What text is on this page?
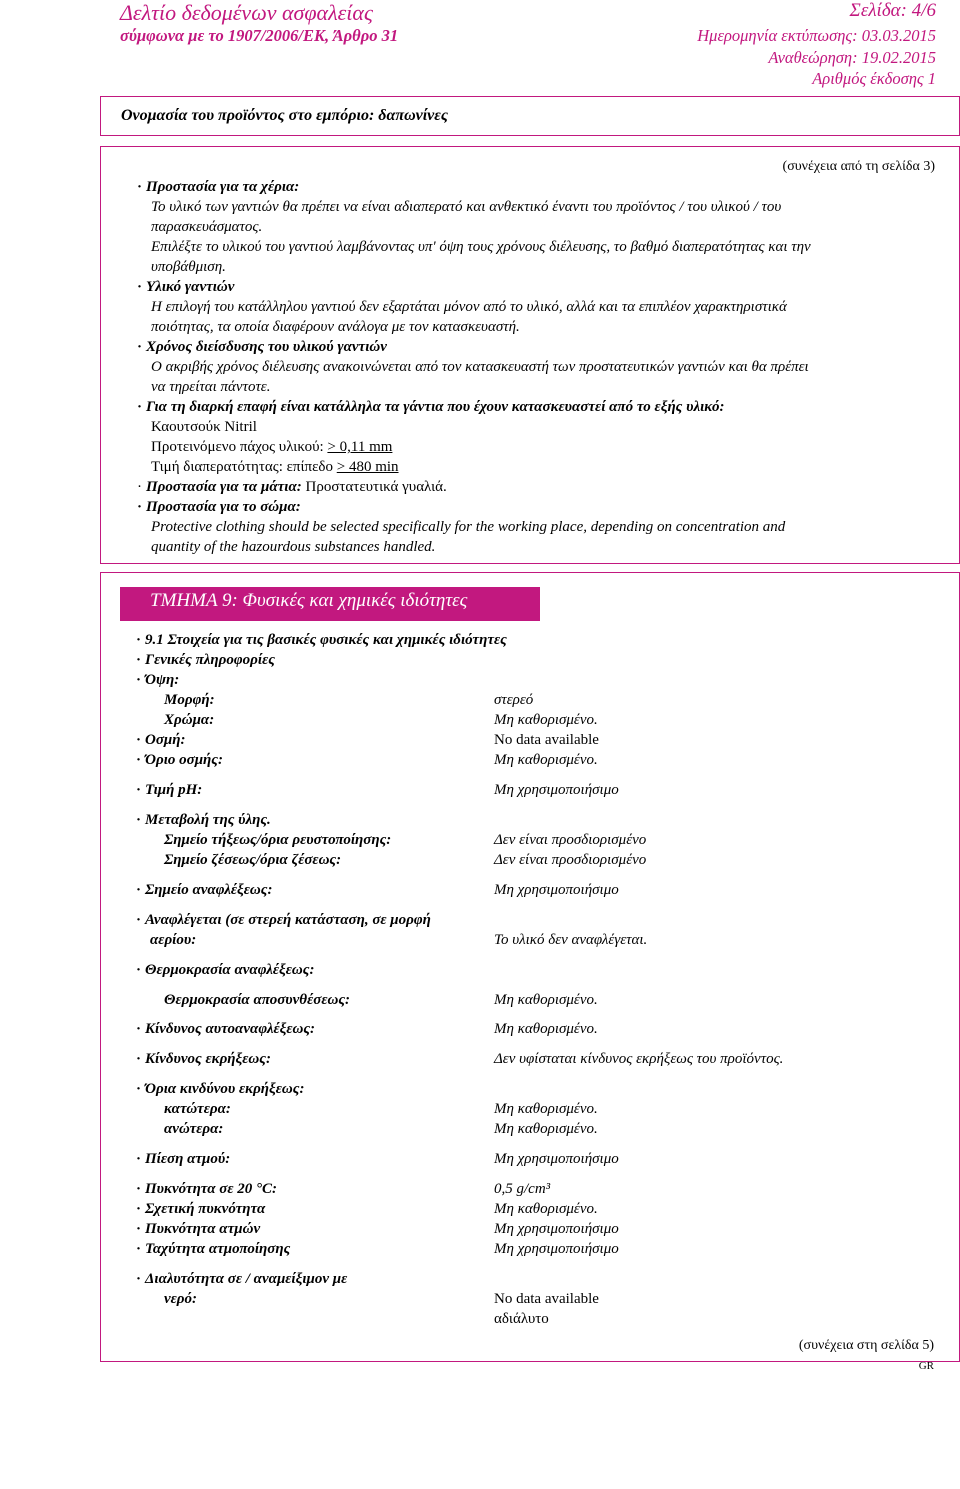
Δελτίο δεδομένων ασφαλείας
σύμφωνα με το 1907/2006/ΕΚ, Άρθρο 31
Σελίδα: 4/6
Ημερομηνία εκτύπωσης: 03.03.2015
Αναθεώρηση: 19.02.2015
Αριθμός έκδοσης 1
Ονομασία του προϊόντος στο εμπόριο: δαπωνίνες
(συνέχεια από τη σελίδα 3)
· Προστασία για τα χέρια:
Το υλικό των γαντιών θα πρέπει να είναι αδιαπερατό και ανθεκτικό έναντι του προϊόντος / του υλικού / του
παρασκευάσματος.
Επιλέξτε το υλικού του γαντιού λαμβάνοντας υπ' όψη τους χρόνους διέλευσης, το βαθμό διαπερατότητας και την
υποβάθμιση.
· Υλικό γαντιών
Η επιλογή του κατάλληλου γαντιού δεν εξαρτάται μόνον από το υλικό, αλλά και τα επιπλέον χαρακτηριστικά
ποιότητας, τα οποία διαφέρουν ανάλογα με τον κατασκευαστή.
· Χρόνος διείσδυσης του υλικού γαντιών
Ο ακριβής χρόνος διέλευσης ανακοινώνεται από τον κατασκευαστή των προστατευτικών γαντιών και θα πρέπει
να τηρείται πάντοτε.
· Για τη διαρκή επαφή είναι κατάλληλα τα γάντια που έχουν κατασκευαστεί από το εξής υλικό:
Καουτσούκ Nitril
Προτεινόμενο πάχος υλικού: > 0,11 mm
Τιμή διαπερατότητας: επίπεδο > 480 min
· Προστασία για τα μάτια: Προστατευτικά γυαλιά.
· Προστασία για το σώμα:
Protective clothing should be selected specifically for the working place, depending on concentration and
quantity of the hazourdous substances handled.
ΤΜΗΜΑ 9: Φυσικές και χημικές ιδιότητες
· 9.1 Στοιχεία για τις βασικές φυσικές και χημικές ιδιότητες
· Γενικές πληροφορίες
· Όψη:
Μορφή:	στερεό
Χρώμα:	Μη καθορισμένο.
· Οσμή:	No data available
· Όριο οσμής:	Μη καθορισμένο.
· Τιμή pH:	Μη χρησιμοποιήσιμο
· Μεταβολή της ύλης.
Σημείο τήξεως/όρια ρευστοποίησης:	Δεν είναι προσδιορισμένο
Σημείο ζέσεως/όρια ζέσεως:	Δεν είναι προσδιορισμένο
· Σημείο αναφλέξεως:	Μη χρησιμοποιήσιμο
· Αναφλέγεται (σε στερεή κατάσταση, σε μορφή
αερίου:	Το υλικό δεν αναφλέγεται.
· Θερμοκρασία αναφλέξεως:
Θερμοκρασία αποσυνθέσεως:	Μη καθορισμένο.
· Κίνδυνος αυτοαναφλέξεως:	Μη καθορισμένο.
· Κίνδυνος εκρήξεως:	Δεν υφίσταται κίνδυνος εκρήξεως του προϊόντος.
· Όρια κινδύνου εκρήξεως:
κατώτερα:	Μη καθορισμένο.
ανώτερα:	Μη καθορισμένο.
· Πίεση ατμού:	Μη χρησιμοποιήσιμο
· Πυκνότητα σε 20 °C:	0,5 g/cm³
· Σχετική πυκνότητα	Μη καθορισμένο.
· Πυκνότητα ατμών	Μη χρησιμοποιήσιμο
· Ταχύτητα ατμοποίησης	Μη χρησιμοποιήσιμο
· Διαλυτότητα σε / αναμείξιμον με
νερό:	No data available
αδιάλυτο
(συνέχεια στη σελίδα 5)
GR
